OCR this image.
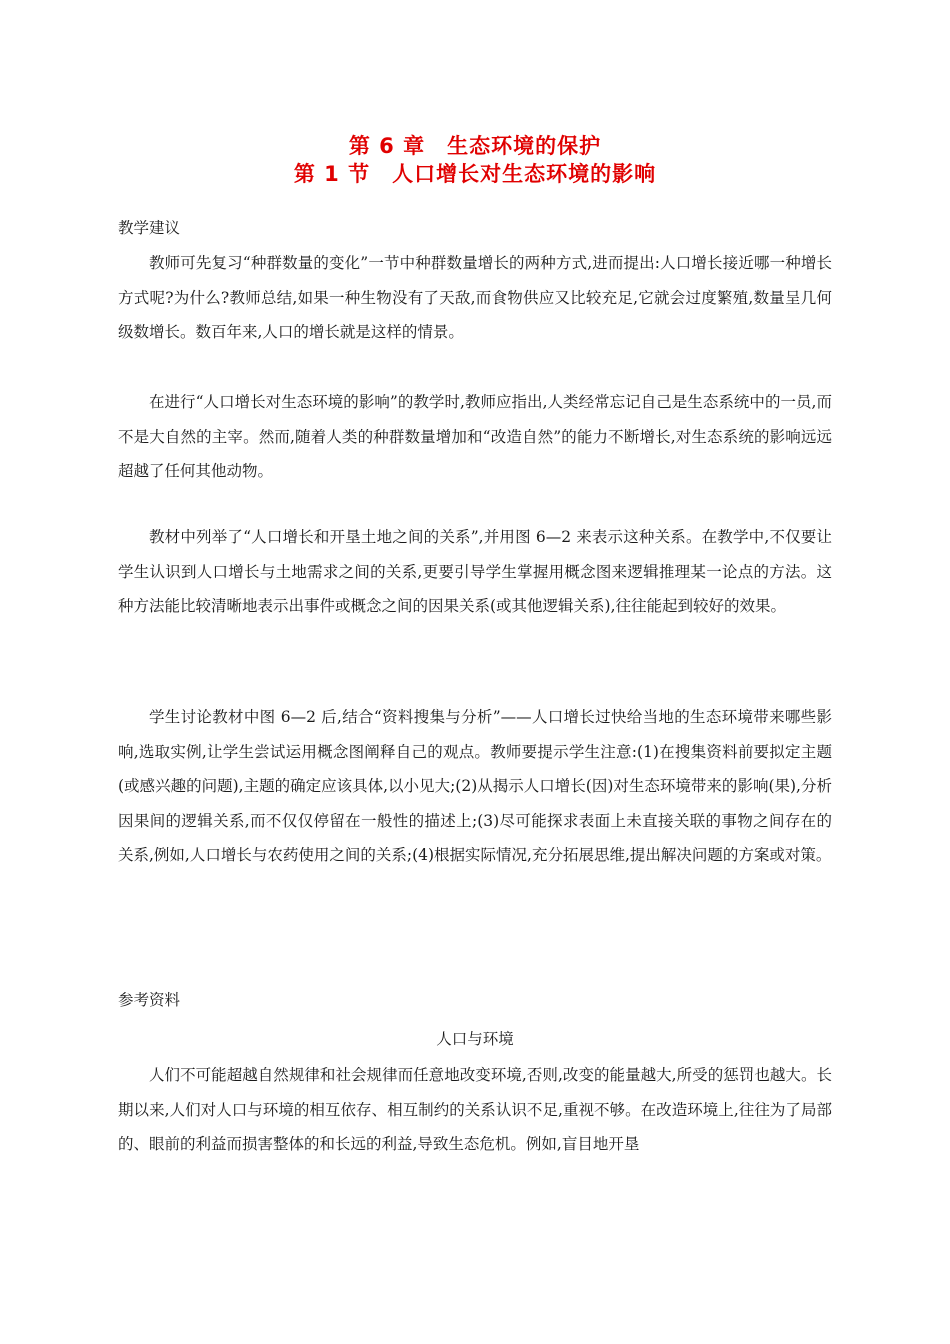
第 6 章　生态环境的保护
第 1 节　人口增长对生态环境的影响
教学建议

教师可先复习“种群数量的变化”一节中种群数量增长的两种方式,进而提出:人口增长接近哪一种增长方式呢?为什么?教师总结,如果一种生物没有了天敌,而食物供应又比较充足,它就会过度繁殖,数量呈几何级数增长。数百年来,人口的增长就是这样的情景。

在进行“人口增长对生态环境的影响”的教学时,教师应指出,人类经常忘记自己是生态系统中的一员,而不是大自然的主宰。然而,随着人类的种群数量增加和“改造自然”的能力不断增长,对生态系统的影响远远超越了任何其他动物。

教材中列举了“人口增长和开垦土地之间的关系”,并用图 6—2 来表示这种关系。在教学中,不仅要让学生认识到人口增长与土地需求之间的关系,更要引导学生掌握用概念图来逻辑推理某一论点的方法。这种方法能比较清晰地表示出事件或概念之间的因果关系(或其他逻辑关系),往往能起到较好的效果。

学生讨论教材中图 6—2 后,结合“资料搜集与分析”——人口增长过快给当地的生态环境带来哪些影响,选取实例,让学生尝试运用概念图阐释自己的观点。教师要提示学生注意:(1)在搜集资料前要拟定主题(或感兴趣的问题),主题的确定应该具体,以小见大;(2)从揭示人口增长(因)对生态环境带来的影响(果),分析因果间的逻辑关系,而不仅仅停留在一般性的描述上;(3)尽可能探求表面上未直接关联的事物之间存在的关系,例如,人口增长与农药使用之间的关系;(4)根据实际情况,充分拓展思维,提出解决问题的方案或对策。

参考资料
人口与环境

人们不可能超越自然规律和社会规律而任意地改变环境,否则,改变的能量越大,所受的惩罚也越大。长期以来,人们对人口与环境的相互依存、相互制约的关系认识不足,重视不够。在改造环境上,往往为了局部的、眼前的利益而损害整体的和长远的利益,导致生态危机。例如,盲目地开垦
